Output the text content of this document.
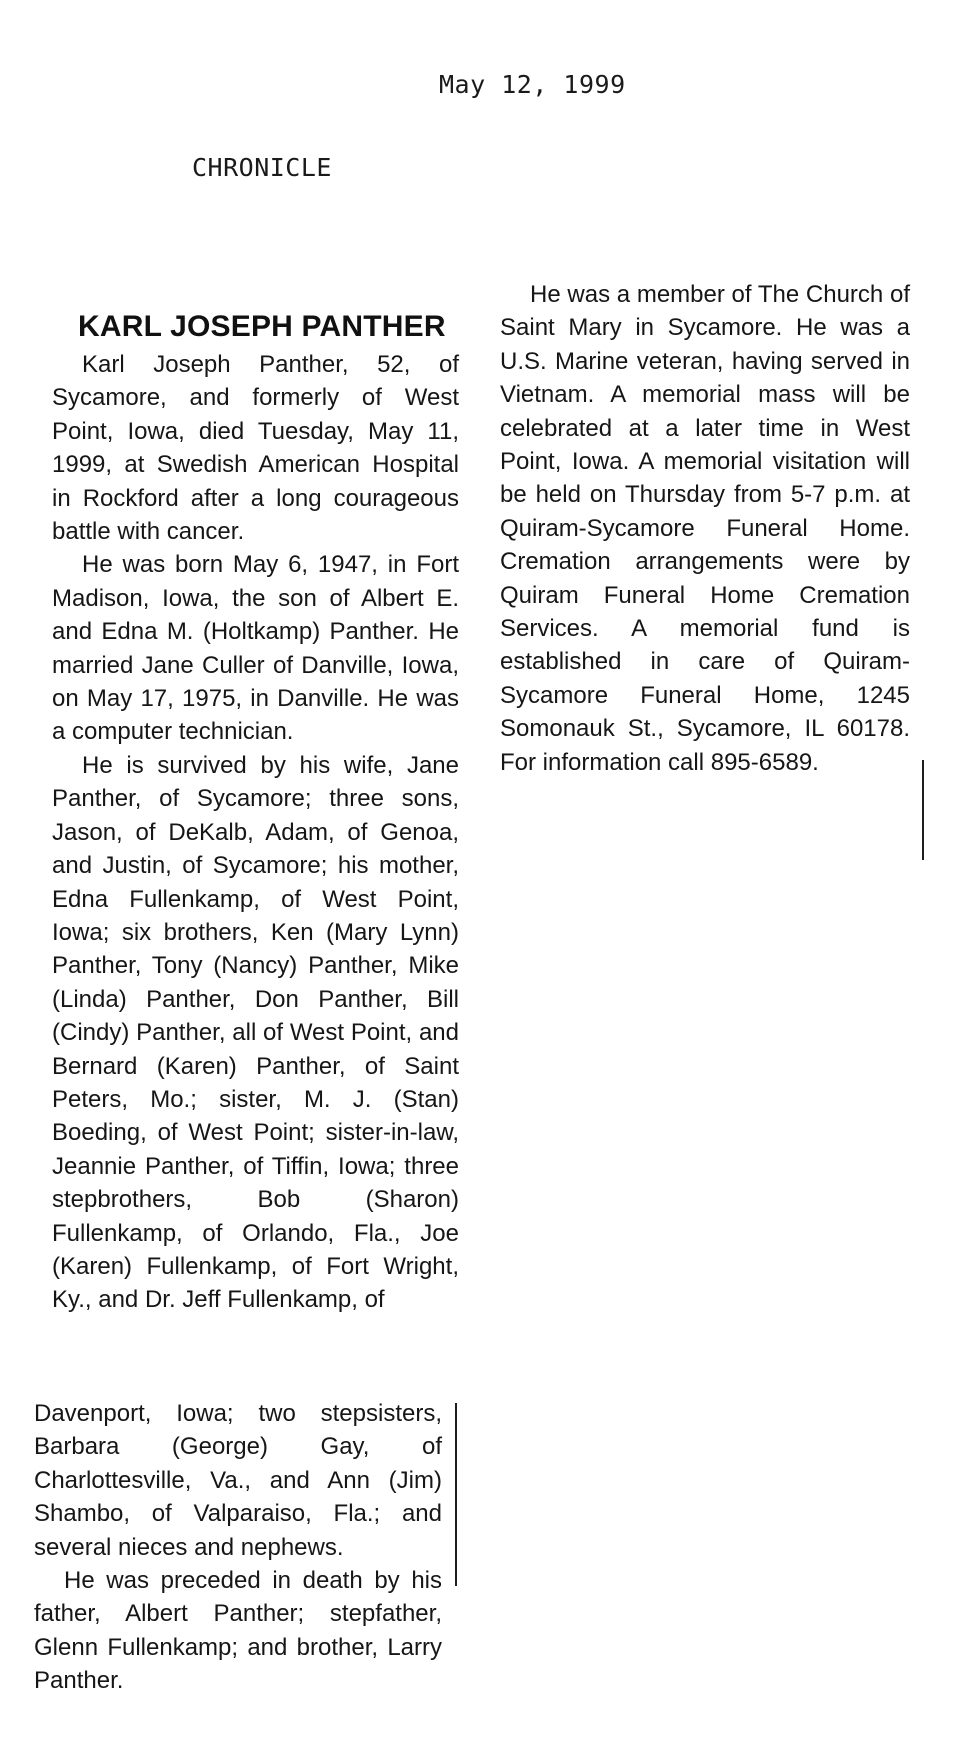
May 12, 1999
CHRONICLE
KARL JOSEPH PANTHER

Karl Joseph Panther, 52, of Sycamore, and formerly of West Point, Iowa, died Tuesday, May 11, 1999, at Swedish American Hospital in Rockford after a long courageous battle with cancer.

He was born May 6, 1947, in Fort Madison, Iowa, the son of Albert E. and Edna M. (Holtkamp) Panther. He married Jane Culler of Danville, Iowa, on May 17, 1975, in Danville. He was a computer technician.

He is survived by his wife, Jane Panther, of Sycamore; three sons, Jason, of DeKalb, Adam, of Genoa, and Justin, of Sycamore; his mother, Edna Fullenkamp, of West Point, Iowa; six brothers, Ken (Mary Lynn) Panther, Tony (Nancy) Panther, Mike (Linda) Panther, Don Panther, Bill (Cindy) Panther, all of West Point, and Bernard (Karen) Panther, of Saint Peters, Mo.; sister, M. J. (Stan) Boeding, of West Point; sister-in-law, Jeannie Panther, of Tiffin, Iowa; three stepbrothers, Bob (Sharon) Fullenkamp, of Orlando, Fla., Joe (Karen) Fullenkamp, of Fort Wright, Ky., and Dr. Jeff Fullenkamp, of

Davenport, Iowa; two stepsisters, Barbara (George) Gay, of Charlottesville, Va., and Ann (Jim) Shambo, of Valparaiso, Fla.; and several nieces and nephews.

He was preceded in death by his father, Albert Panther; stepfather, Glenn Fullenkamp; and brother, Larry Panther.

He was a member of The Church of Saint Mary in Sycamore. He was a U.S. Marine veteran, having served in Vietnam. A memorial mass will be celebrated at a later time in West Point, Iowa. A memorial visitation will be held on Thursday from 5-7 p.m. at Quiram-Sycamore Funeral Home. Cremation arrangements were by Quiram Funeral Home Cremation Services. A memorial fund is established in care of Quiram-Sycamore Funeral Home, 1245 Somonauk St., Sycamore, IL 60178. For information call 895-6589.
